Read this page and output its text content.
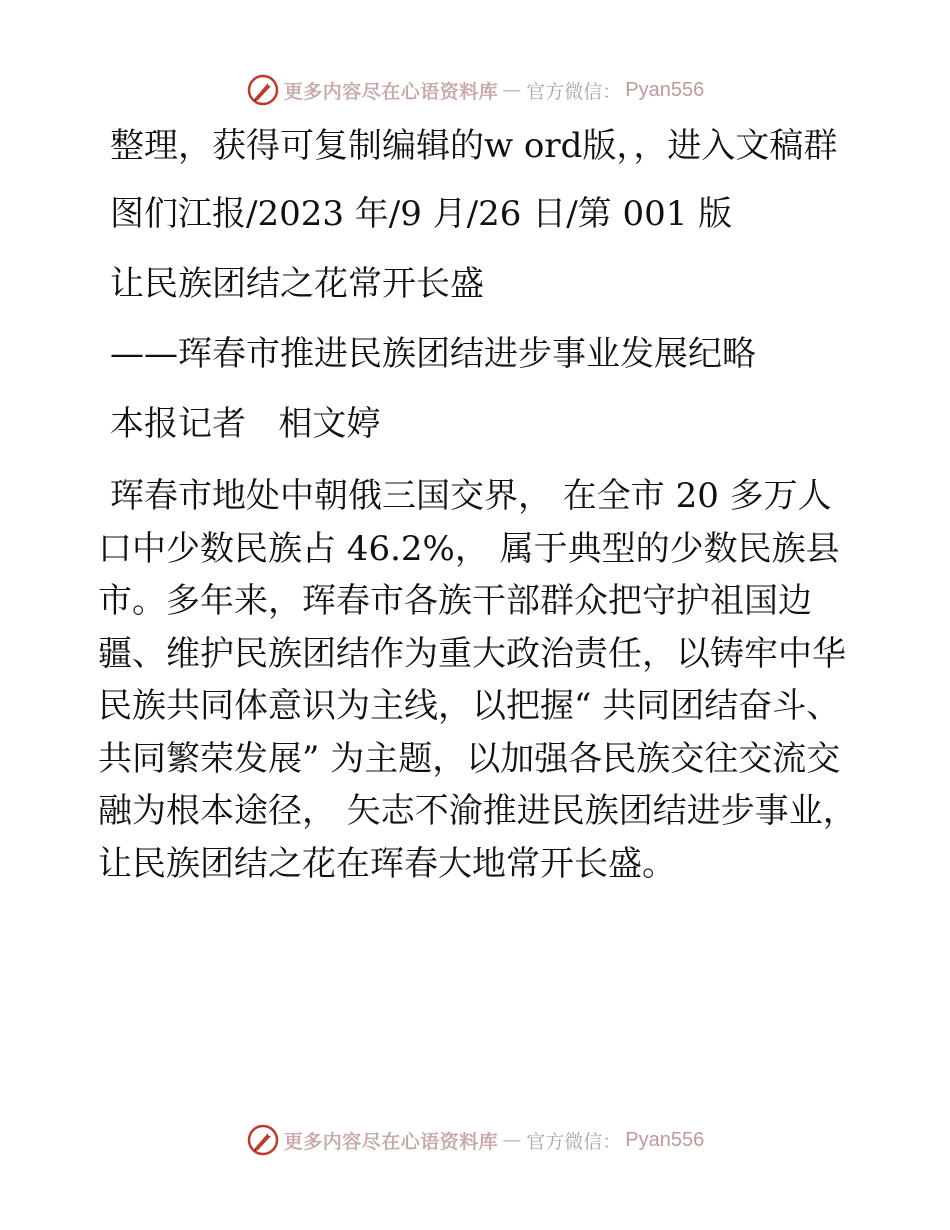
更多内容尽在心语资料库 — 官方微信： Pyan556

整理，获得可复制编辑的w ord版，，进入文稿群

图们江报/2023 年/9 月/26 日/第 001 版

让民族团结之花常开长盛

——珲春市推进民族团结进步事业发展纪略

本报记者   相文婷

珲春市地处中朝俄三国交界， 在全市 20 多万人口中少数民族占 46.2%， 属于典型的少数民族县市。多年来，珲春市各族干部群众把守护祖国边疆、维护民族团结作为重大政治责任，以铸牢中华民族共同体意识为主线，以把握“ 共同团结奋斗、共同繁荣发展” 为主题，以加强各民族交往交流交融为根本途径， 矢志不渝推进民族团结进步事业， 让民族团结之花在珲春大地常开长盛。

更多内容尽在心语资料库 — 官方微信： Pyan556
